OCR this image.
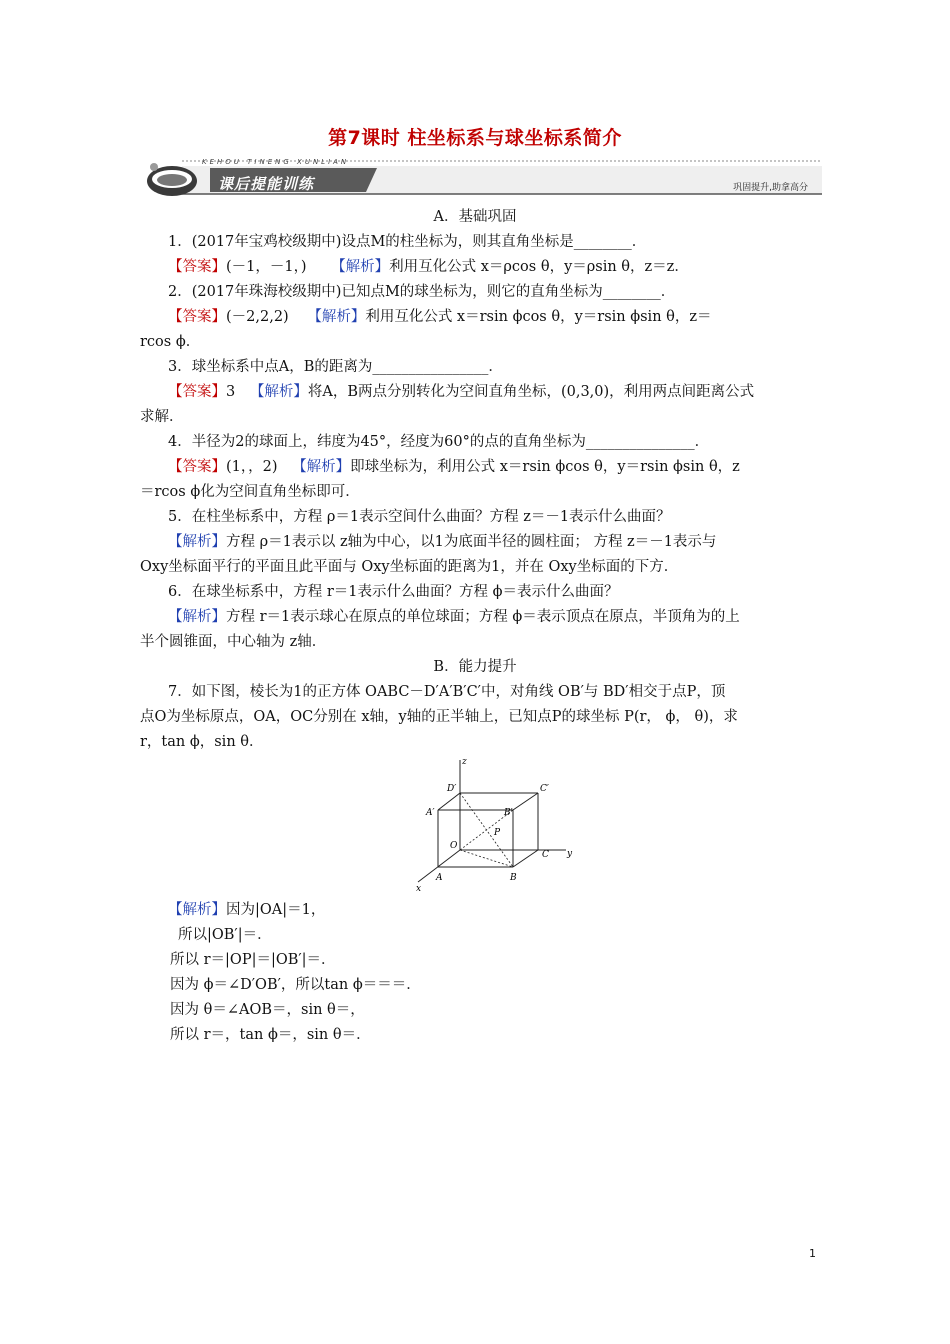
第7课时 柱坐标系与球坐标系简介
KEHOU TINENG XUNLIAN
课后提能训练	巩固提升,助拿高分
A．基础巩固
1．(2017年宝鸡校级期中)设点M的柱坐标为，则其直角坐标是________．
【答案】(－1，－1，) 【解析】利用互化公式 x＝ρcos θ，y＝ρsin θ，z＝z．
2．(2017年珠海校级期中)已知点M的球坐标为，则它的直角坐标为________．
【答案】(－2,2,2) 【解析】利用互化公式 x＝rsin ϕcos θ，y＝rsin ϕsin θ，z＝
rcos ϕ．
3．球坐标系中点A，B的距离为________________．
【答案】3 【解析】将A，B两点分别转化为空间直角坐标，(0,3,0)，利用两点间距离公式
求解．
4．半径为2的球面上，纬度为45°，经度为60°的点的直角坐标为_______________．
【答案】(1，，2) 【解析】即球坐标为，利用公式 x＝rsin ϕcos θ，y＝rsin ϕsin θ，z
＝rcos ϕ化为空间直角坐标即可．
5．在柱坐标系中，方程 ρ＝1表示空间什么曲面？方程 z＝－1表示什么曲面？
【解析】方程 ρ＝1表示以 z轴为中心，以1为底面半径的圆柱面； 方程 z＝－1表示与
Oxy坐标面平行的平面且此平面与 Oxy坐标面的距离为1，并在 Oxy坐标面的下方．
6．在球坐标系中，方程 r＝1表示什么曲面？方程 ϕ＝表示什么曲面？
【解析】方程 r＝1表示球心在原点的单位球面；方程 ϕ＝表示顶点在原点，半顶角为的上
半个圆锥面，中心轴为 z轴．
B．能力提升
7．如下图，棱长为1的正方体 OABC－D′A′B′C′中，对角线 OB′与 BD′相交于点P，顶
点O为坐标原点，OA，OC分别在 x轴，y轴的正半轴上，已知点P的球坐标 P(r， ϕ， θ)，求
r，tan ϕ，sin θ．
z
y
x
D′	C′
A′	B′
P
O
C
A	B
【解析】因为|OA|＝1，
所以|OB′|＝．
所以 r＝|OP|＝|OB′|＝．
因为 ϕ＝∠D′OB′，所以tan ϕ＝＝＝．
因为 θ＝∠AOB＝，sin θ＝，
所以 r＝，tan ϕ＝，sin θ＝．
1
